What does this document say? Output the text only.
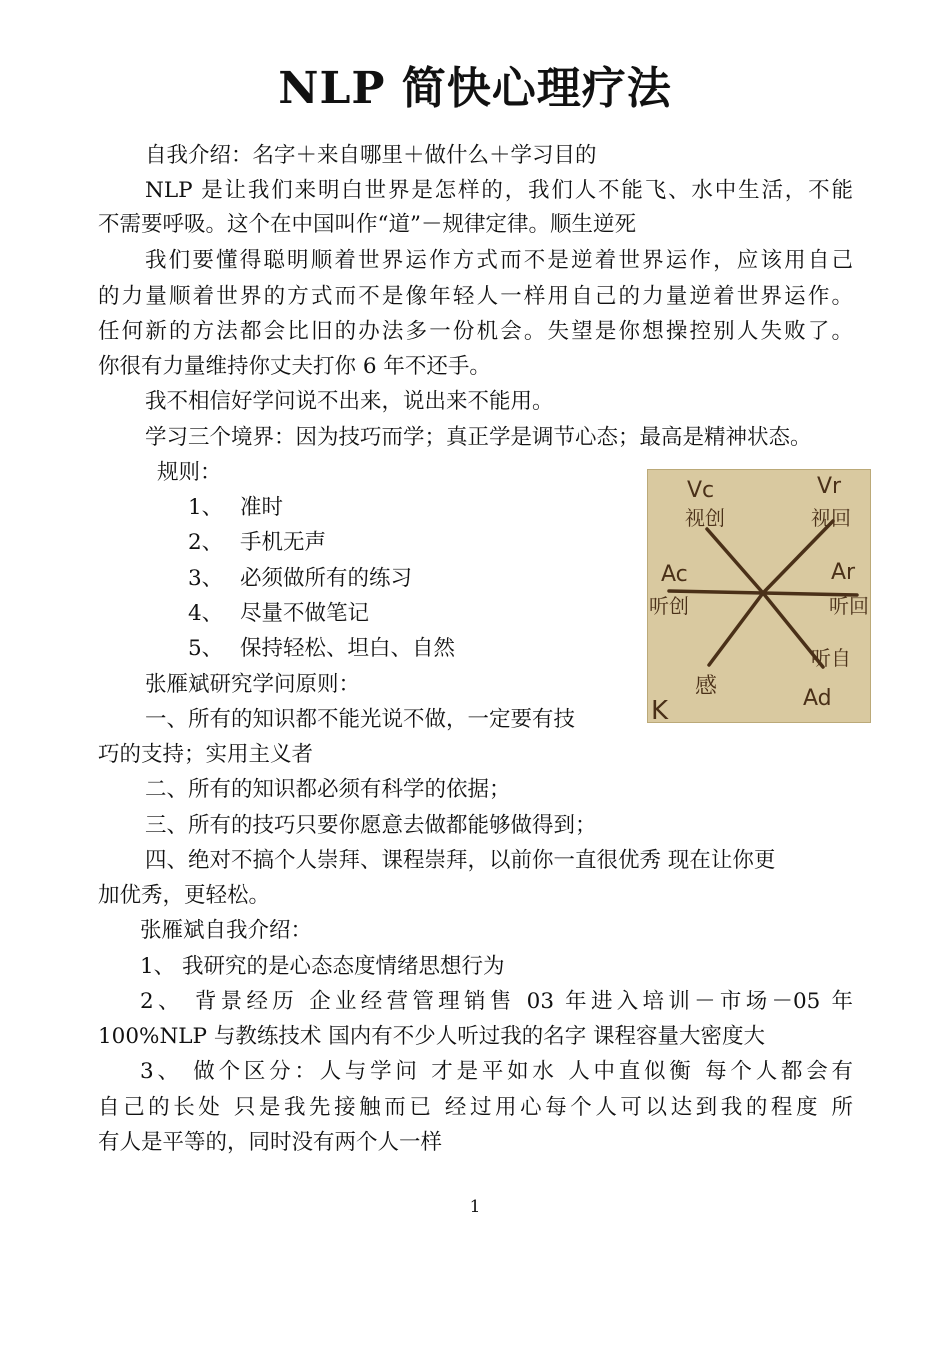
NLP 简快心理疗法
自我介绍：名字＋来自哪里＋做什么＋学习目的
NLP 是让我们来明白世界是怎样的，我们人不能飞、水中生活，不能
不需要呼吸。这个在中国叫作“道”－规律定律。顺生逆死
我们要懂得聪明顺着世界运作方式而不是逆着世界运作，应该用自己
的力量顺着世界的方式而不是像年轻人一样用自己的力量逆着世界运作。
任何新的方法都会比旧的办法多一份机会。失望是你想操控别人失败了。
你很有力量维持你丈夫打你 6 年不还手。
我不相信好学问说不出来，说出来不能用。
学习三个境界：因为技巧而学；真正学是调节心态；最高是精神状态。
规则：
1、 准时
2、 手机无声
3、 必须做所有的练习
4、 尽量不做笔记
5、 保持轻松、坦白、自然
张雁斌研究学问原则：
一、所有的知识都不能光说不做，一定要有技
巧的支持；实用主义者
二、所有的知识都必须有科学的依据；
三、所有的技巧只要你愿意去做都能够做得到；
四、绝对不搞个人崇拜、课程崇拜，以前你一直很优秀 现在让你更
加优秀，更轻松。
张雁斌自我介绍：
1、 我研究的是心态态度情绪思想行为
2、 背景经历 企业经营管理销售 03 年进入培训－市场－05 年
100%NLP 与教练技术 国内有不少人听过我的名字 课程容量大密度大
3、 做个区分：人与学问 才是平如水 人中直似衡 每个人都会有
自己的长处 只是我先接触而已 经过用心每个人可以达到我的程度 所
有人是平等的，同时没有两个人一样
1
Vc
视创
Vr
视回
Ac
听创
Ar
听回
K
感
听自
Ad
